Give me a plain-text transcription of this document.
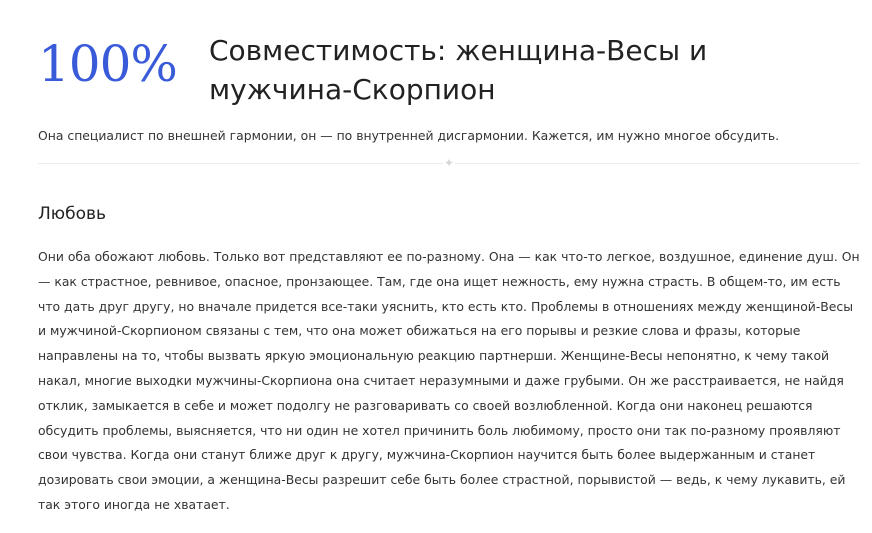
100% Совместимость: женщина-Весы и мужчина-Скорпион
Она специалист по внешней гармонии, он — по внутренней дисгармонии. Кажется, им нужно многое обсудить.
✦
Любовь

Они оба обожают любовь. Только вот представляют ее по-разному. Она — как что-то легкое, воздушное, единение душ. Он — как страстное, ревнивое, опасное, пронзающее. Там, где она ищет нежность, ему нужна страсть. В общем-то, им есть что дать друг другу, но вначале придется все-таки уяснить, кто есть кто. Проблемы в отношениях между женщиной-Весы и мужчиной-Скорпионом связаны с тем, что она может обижаться на его порывы и резкие слова и фразы, которые направлены на то, чтобы вызвать яркую эмоциональную реакцию партнерши. Женщине-Весы непонятно, к чему такой накал, многие выходки мужчины-Скорпиона она считает неразумными и даже грубыми. Он же расстраивается, не найдя отклик, замыкается в себе и может подолгу не разговаривать со своей возлюбленной. Когда они наконец решаются обсудить проблемы, выясняется, что ни один не хотел причинить боль любимому, просто они так по-разному проявляют свои чувства. Когда они станут ближе друг к другу, мужчина-Скорпион научится быть более выдержанным и станет дозировать свои эмоции, а женщина-Весы разрешит себе быть более страстной, порывистой — ведь, к чему лукавить, ей так этого иногда не хватает.
